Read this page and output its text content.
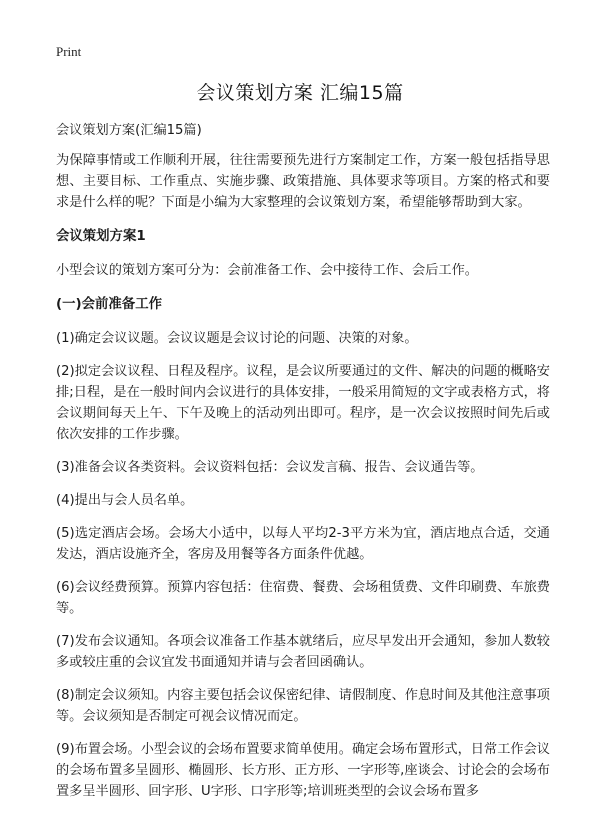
Print
会议策划方案 汇编15篇

会议策划方案(汇编15篇)

为保障事情或工作顺利开展，往往需要预先进行方案制定工作，方案一般包括指导思想、主要目标、工作重点、实施步骤、政策措施、具体要求等项目。方案的格式和要求是什么样的呢？下面是小编为大家整理的会议策划方案，希望能够帮助到大家。

会议策划方案1

小型会议的策划方案可分为：会前准备工作、会中接待工作、会后工作。

(一)会前准备工作

(1)确定会议议题。会议议题是会议讨论的问题、决策的对象。

(2)拟定会议议程、日程及程序。议程，是会议所要通过的文件、解决的问题的概略安排;日程，是在一般时间内会议进行的具体安排，一般采用简短的文字或表格方式，将会议期间每天上午、下午及晚上的活动列出即可。程序，是一次会议按照时间先后或依次安排的工作步骤。

(3)准备会议各类资料。会议资料包括：会议发言稿、报告、会议通告等。

(4)提出与会人员名单。

(5)选定酒店会场。会场大小适中，以每人平均2-3平方米为宜，酒店地点合适，交通发达，酒店设施齐全，客房及用餐等各方面条件优越。

(6)会议经费预算。预算内容包括：住宿费、餐费、会场租赁费、文件印刷费、车旅费等。

(7)发布会议通知。各项会议准备工作基本就绪后，应尽早发出开会通知，参加人数较多或较庄重的会议宜发书面通知并请与会者回函确认。

(8)制定会议须知。内容主要包括会议保密纪律、请假制度、作息时间及其他注意事项等。会议须知是否制定可视会议情况而定。

(9)布置会场。小型会议的会场布置要求简单使用。确定会场布置形式，日常工作会议的会场布置多呈圆形、椭圆形、长方形、正方形、一字形等,座谈会、讨论会的会场布置多呈半圆形、回字形、U字形、口字形等;培训班类型的会议会场布置多
